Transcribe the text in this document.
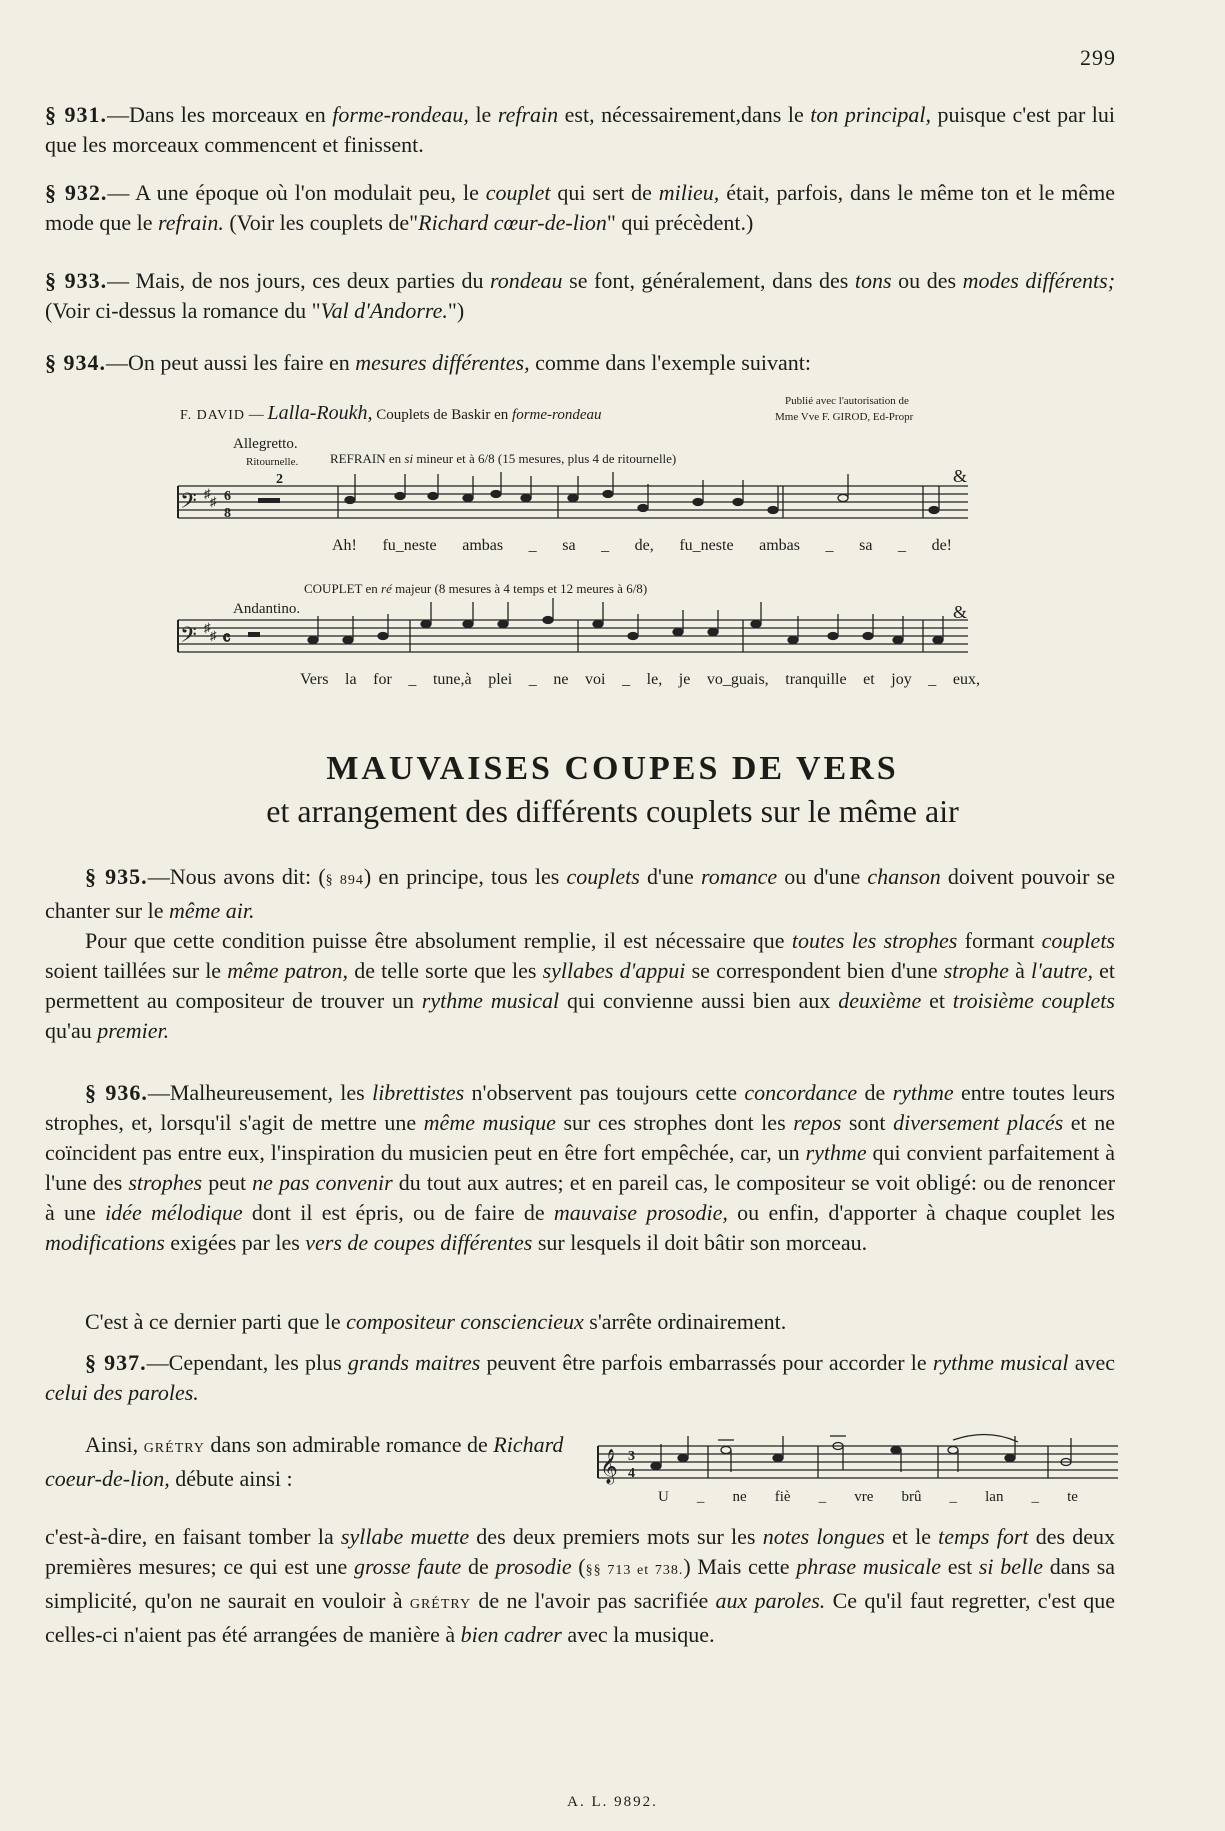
299

§ 931.—Dans les morceaux en forme-rondeau, le refrain est, nécessairement,dans le ton principal, puisque c'est par lui que les morceaux commencent et finissent.

§ 932.— A une époque où l'on modulait peu, le couplet qui sert de milieu, était, parfois, dans le même ton et le même mode que le refrain. (Voir les couplets de"Richard cœur-de-lion" qui précèdent.)

§ 933.— Mais, de nos jours, ces deux parties du rondeau se font, généralement, dans des tons ou des modes différents; (Voir ci-dessus la romance du "Val d'Andorre.")

§ 934.—On peut aussi les faire en mesures différentes, comme dans l'exemple suivant:

F. DAVID — Lalla-Roukh, Couplets de Baskir en forme-rondeau
Publié avec l'autorisation de
Mme Vve F. GIROD, Ed-Propr
Allegretto.
Ritournelle. REFRAIN en si mineur et à 6/8 (15 mesures, plus 4 de ritournelle)
2	&
𝄢 ♯
♯ 6
8
Ah! fu_neste ambas _ sa _ de, fu_neste ambas _ sa _ de!
COUPLET en ré majeur (8 mesures à 4 temps et 12 meures à 6/8)
Andantino.	&
𝄢 ♯
♯ 𝄴
Vers la for _ tune,à plei _ ne voi _ le, je vo_guais, tranquille et joy _ eux,
MAUVAISES COUPES DE VERS
et arrangement des différents couplets sur le même air

§ 935.—Nous avons dit: (§ 894) en principe, tous les couplets d'une romance ou d'une chanson doivent pouvoir se chanter sur le même air.

Pour que cette condition puisse être absolument remplie, il est nécessaire que toutes les strophes formant couplets soient taillées sur le même patron, de telle sorte que les syllabes d'appui se correspondent bien d'une strophe à l'autre, et permettent au compositeur de trouver un rythme musical qui convienne aussi bien aux deuxième et troisième couplets qu'au premier.

§ 936.—Malheureusement, les librettistes n'observent pas toujours cette concordance de rythme entre toutes leurs strophes, et, lorsqu'il s'agit de mettre une même musique sur ces strophes dont les repos sont diversement placés et ne coïncident pas entre eux, l'inspiration du musicien peut en être fort empêchée, car, un rythme qui convient parfaitement à l'une des strophes peut ne pas convenir du tout aux autres; et en pareil cas, le compositeur se voit obligé: ou de renoncer à une idée mélodique dont il est épris, ou de faire de mauvaise prosodie, ou enfin, d'apporter à chaque couplet les modifications exigées par les vers de coupes différentes sur lesquels il doit bâtir son morceau.

C'est à ce dernier parti que le compositeur consciencieux s'arrête ordinairement.

§ 937.—Cependant, les plus grands maitres peuvent être parfois embarrassés pour accorder le rythme musical avec celui des paroles.

Ainsi, GRÉTRY dans son admirable romance de Richard coeur-de-lion, débute ainsi :	𝄞 3
4
U _ ne fiè _ vre brû _ lan _ te

c'est-à-dire, en faisant tomber la syllabe muette des deux premiers mots sur les notes longues et le temps fort des deux premières mesures; ce qui est une grosse faute de prosodie (§§ 713 et 738.) Mais cette phrase musicale est si belle dans sa simplicité, qu'on ne saurait en vouloir à GRÉTRY de ne l'avoir pas sacrifiée aux paroles. Ce qu'il faut regretter, c'est que celles-ci n'aient pas été arrangées de manière à bien cadrer avec la musique.

A. L. 9892.
